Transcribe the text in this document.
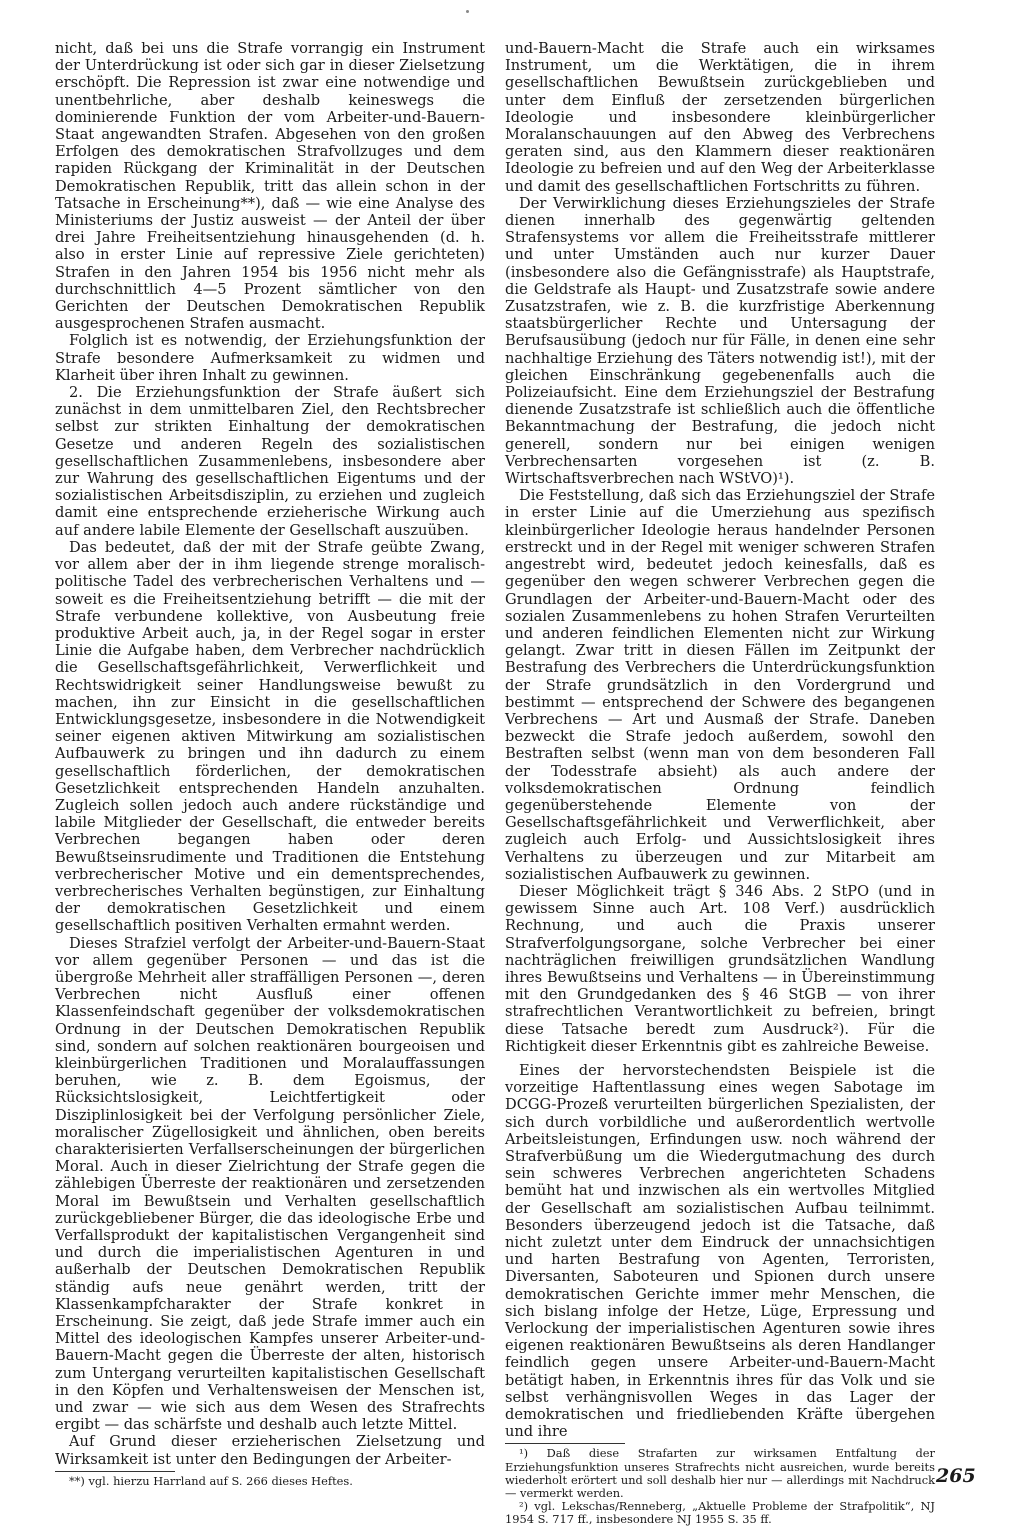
nicht, daß bei uns die Strafe vorrangig ein Instrument der Unterdrückung ist oder sich gar in dieser Zielsetzung erschöpft. Die Repression ist zwar eine notwendige und unentbehrliche, aber deshalb keineswegs die dominierende Funktion der vom Arbeiter-und-Bauern-Staat angewandten Strafen. Abgesehen von den großen Erfolgen des demokratischen Strafvollzuges und dem rapiden Rückgang der Kriminalität in der Deutschen Demokratischen Republik, tritt das allein schon in der Tatsache in Erscheinung**), daß — wie eine Analyse des Ministeriums der Justiz ausweist — der Anteil der über drei Jahre Freiheitsentziehung hinausgehenden (d. h. also in erster Linie auf repressive Ziele gerichteten) Strafen in den Jahren 1954 bis 1956 nicht mehr als durchschnittlich 4—5 Prozent sämtlicher von den Gerichten der Deutschen Demokratischen Republik ausgesprochenen Strafen ausmacht.

Folglich ist es notwendig, der Erziehungsfunktion der Strafe besondere Aufmerksamkeit zu widmen und Klarheit über ihren Inhalt zu gewinnen.

2. Die Erziehungsfunktion der Strafe äußert sich zunächst in dem unmittelbaren Ziel, den Rechtsbrecher selbst zur strikten Einhaltung der demokratischen Gesetze und anderen Regeln des sozialistischen gesellschaftlichen Zusammenlebens, insbesondere aber zur Wahrung des gesellschaftlichen Eigentums und der sozialistischen Arbeitsdisziplin, zu erziehen und zugleich damit eine entsprechende erzieherische Wirkung auch auf andere labile Elemente der Gesellschaft auszuüben.

Das bedeutet, daß der mit der Strafe geübte Zwang, vor allem aber der in ihm liegende strenge moralisch-politische Tadel des verbrecherischen Verhaltens und — soweit es die Freiheitsentziehung betrifft — die mit der Strafe verbundene kollektive, von Ausbeutung freie produktive Arbeit auch, ja, in der Regel sogar in erster Linie die Aufgabe haben, dem Verbrecher nachdrücklich die Gesellschaftsgefährlichkeit, Verwerflichkeit und Rechtswidrigkeit seiner Handlungsweise bewußt zu machen, ihn zur Einsicht in die gesellschaftlichen Entwicklungsgesetze, insbesondere in die Notwendigkeit seiner eigenen aktiven Mitwirkung am sozialistischen Aufbauwerk zu bringen und ihn dadurch zu einem gesellschaftlich förderlichen, der demokratischen Gesetzlichkeit entsprechenden Handeln anzuhalten. Zugleich sollen jedoch auch andere rückständige und labile Mitglieder der Gesellschaft, die entweder bereits Verbrechen begangen haben oder deren Bewußtseinsrudimente und Traditionen die Entstehung verbrecherischer Motive und ein dementsprechendes, verbrecherisches Verhalten begünstigen, zur Einhaltung der demokratischen Gesetzlichkeit und einem gesellschaftlich positiven Verhalten ermahnt werden.

Dieses Strafziel verfolgt der Arbeiter-und-Bauern-Staat vor allem gegenüber Personen — und das ist die übergroße Mehrheit aller straffälligen Personen —, deren Verbrechen nicht Ausfluß einer offenen Klassenfeindschaft gegenüber der volksdemokratischen Ordnung in der Deutschen Demokratischen Republik sind, sondern auf solchen reaktionären bourgeoisen und kleinbürgerlichen Traditionen und Moralauffassungen beruhen, wie z. B. dem Egoismus, der Rücksichtslosigkeit, Leichtfertigkeit oder Disziplinlosigkeit bei der Verfolgung persönlicher Ziele, moralischer Zügellosigkeit und ähnlichen, oben bereits charakterisierten Verfallserscheinungen der bürgerlichen Moral. Auch in dieser Zielrichtung der Strafe gegen die zählebigen Überreste der reaktionären und zersetzenden Moral im Bewußtsein und Verhalten gesellschaftlich zurückgebliebener Bürger, die das ideologische Erbe und Verfallsprodukt der kapitalistischen Vergangenheit sind und durch die imperialistischen Agenturen in und außerhalb der Deutschen Demokratischen Republik ständig aufs neue genährt werden, tritt der Klassenkampfcharakter der Strafe konkret in Erscheinung. Sie zeigt, daß jede Strafe immer auch ein Mittel des ideologischen Kampfes unserer Arbeiter-und-Bauern-Macht gegen die Überreste der alten, historisch zum Untergang verurteilten kapitalistischen Gesellschaft in den Köpfen und Verhaltensweisen der Menschen ist, und zwar — wie sich aus dem Wesen des Strafrechts ergibt — das schärfste und deshalb auch letzte Mittel.

Auf Grund dieser erzieherischen Zielsetzung und Wirksamkeit ist unter den Bedingungen der Arbeiter-

**) vgl. hierzu Harrland auf S. 266 dieses Heftes.

und-Bauern-Macht die Strafe auch ein wirksames Instrument, um die Werktätigen, die in ihrem gesellschaftlichen Bewußtsein zurückgeblieben und unter dem Einfluß der zersetzenden bürgerlichen Ideologie und insbesondere kleinbürgerlicher Moralanschauungen auf den Abweg des Verbrechens geraten sind, aus den Klammern dieser reaktionären Ideologie zu befreien und auf den Weg der Arbeiterklasse und damit des gesellschaftlichen Fortschritts zu führen.

Der Verwirklichung dieses Erziehungszieles der Strafe dienen innerhalb des gegenwärtig geltenden Strafensystems vor allem die Freiheitsstrafe mittlerer und unter Umständen auch nur kurzer Dauer (insbesondere also die Gefängnisstrafe) als Hauptstrafe, die Geldstrafe als Haupt- und Zusatzstrafe sowie andere Zusatzstrafen, wie z. B. die kurzfristige Aberkennung staatsbürgerlicher Rechte und Untersagung der Berufsausübung (jedoch nur für Fälle, in denen eine sehr nachhaltige Erziehung des Täters notwendig ist!), mit der gleichen Einschränkung gegebenenfalls auch die Polizeiaufsicht. Eine dem Erziehungsziel der Bestrafung dienende Zusatzstrafe ist schließlich auch die öffentliche Bekanntmachung der Bestrafung, die jedoch nicht generell, sondern nur bei einigen wenigen Verbrechensarten vorgesehen ist (z. B. Wirtschaftsverbrechen nach WStVO)¹).

Die Feststellung, daß sich das Erziehungsziel der Strafe in erster Linie auf die Umerziehung aus spezifisch kleinbürgerlicher Ideologie heraus handelnder Personen erstreckt und in der Regel mit weniger schweren Strafen angestrebt wird, bedeutet jedoch keinesfalls, daß es gegenüber den wegen schwerer Verbrechen gegen die Grundlagen der Arbeiter-und-Bauern-Macht oder des sozialen Zusammenlebens zu hohen Strafen Verurteilten und anderen feindlichen Elementen nicht zur Wirkung gelangt. Zwar tritt in diesen Fällen im Zeitpunkt der Bestrafung des Verbrechers die Unterdrückungsfunktion der Strafe grundsätzlich in den Vordergrund und bestimmt — entsprechend der Schwere des begangenen Verbrechens — Art und Ausmaß der Strafe. Daneben bezweckt die Strafe jedoch außerdem, sowohl den Bestraften selbst (wenn man von dem besonderen Fall der Todesstrafe absieht) als auch andere der volksdemokratischen Ordnung feindlich gegenüberstehende Elemente von der Gesellschaftsgefährlichkeit und Verwerflichkeit, aber zugleich auch Erfolg- und Aussichtslosigkeit ihres Verhaltens zu überzeugen und zur Mitarbeit am sozialistischen Aufbauwerk zu gewinnen.

Dieser Möglichkeit trägt § 346 Abs. 2 StPO (und in gewissem Sinne auch Art. 108 Verf.) ausdrücklich Rechnung, und auch die Praxis unserer Strafverfolgungsorgane, solche Verbrecher bei einer nachträglichen freiwilligen grundsätzlichen Wandlung ihres Bewußtseins und Verhaltens — in Übereinstimmung mit den Grundgedanken des § 46 StGB — von ihrer strafrechtlichen Verantwortlichkeit zu befreien, bringt diese Tatsache beredt zum Ausdruck²). Für die Richtigkeit dieser Erkenntnis gibt es zahlreiche Beweise.

Eines der hervorstechendsten Beispiele ist die vorzeitige Haftentlassung eines wegen Sabotage im DCGG-Prozeß verurteilten bürgerlichen Spezialisten, der sich durch vorbildliche und außerordentlich wertvolle Arbeitsleistungen, Erfindungen usw. noch während der Strafverbüßung um die Wiedergutmachung des durch sein schweres Verbrechen angerichteten Schadens bemüht hat und inzwischen als ein wertvolles Mitglied der Gesellschaft am sozialistischen Aufbau teilnimmt. Besonders überzeugend jedoch ist die Tatsache, daß nicht zuletzt unter dem Eindruck der unnachsichtigen und harten Bestrafung von Agenten, Terroristen, Diversanten, Saboteuren und Spionen durch unsere demokratischen Gerichte immer mehr Menschen, die sich bislang infolge der Hetze, Lüge, Erpressung und Verlockung der imperialistischen Agenturen sowie ihres eigenen reaktionären Bewußtseins als deren Handlanger feindlich gegen unsere Arbeiter-und-Bauern-Macht betätigt haben, in Erkenntnis ihres für das Volk und sie selbst verhängnisvollen Weges in das Lager der demokratischen und friedliebenden Kräfte übergehen und ihre

¹) Daß diese Strafarten zur wirksamen Entfaltung der Erziehungsfunktion unseres Strafrechts nicht ausreichen, wurde bereits wiederholt erörtert und soll deshalb hier nur — allerdings mit Nachdruck — vermerkt werden.

²) vgl. Lekschas/Renneberg, „Aktuelle Probleme der Strafpolitik“, NJ 1954 S. 717 ff., insbesondere NJ 1955 S. 35 ff.

265
